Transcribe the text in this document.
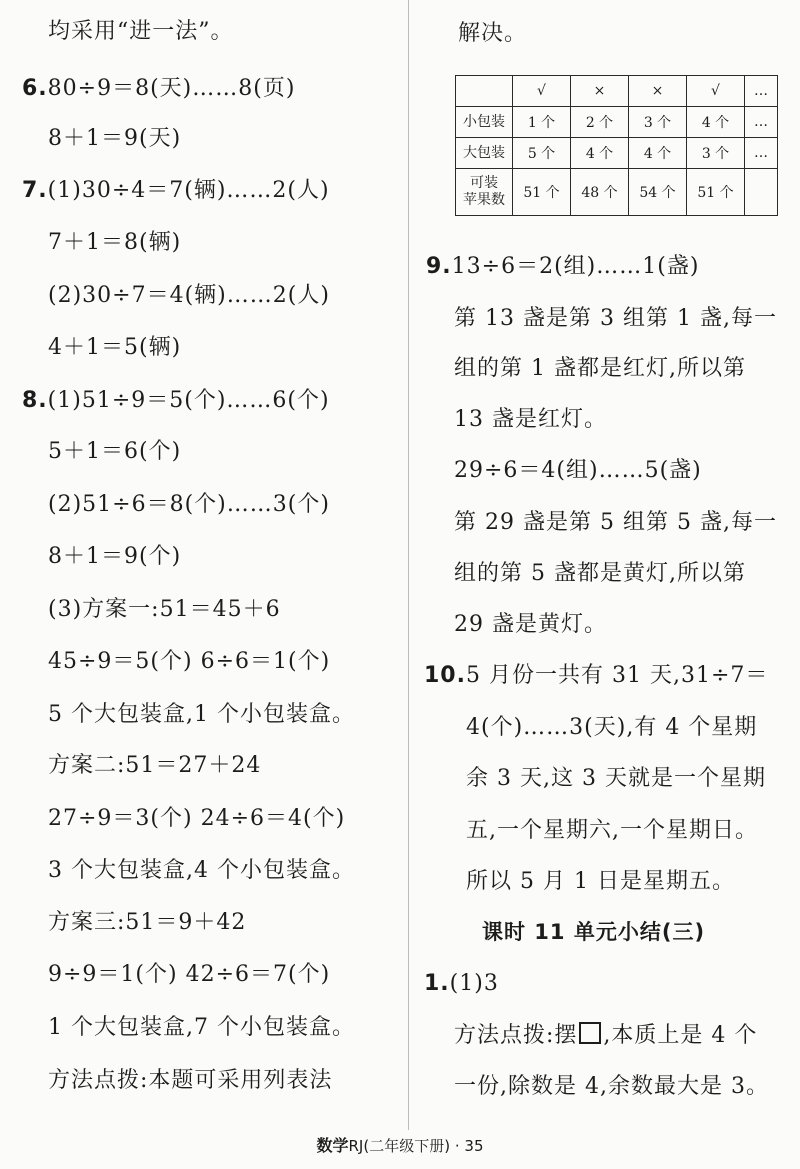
均采用“进一法”。
6.80÷9＝8(天)……8(页)
8＋1＝9(天)
7.(1)30÷4＝7(辆)……2(人)
7＋1＝8(辆)
(2)30÷7＝4(辆)……2(人)
4＋1＝5(辆)
8.(1)51÷9＝5(个)……6(个)
5＋1＝6(个)
(2)51÷6＝8(个)……3(个)
8＋1＝9(个)
(3)方案一:51＝45＋6
45÷9＝5(个) 6÷6＝1(个)
5 个大包装盒,1 个小包装盒。
方案二:51＝27＋24
27÷9＝3(个) 24÷6＝4(个)
3 个大包装盒,4 个小包装盒。
方案三:51＝9＋42
9÷9＝1(个) 42÷6＝7(个)
1 个大包装盒,7 个小包装盒。
方法点拨:本题可采用列表法
解决。
9.13÷6＝2(组)……1(盏)
第 13 盏是第 3 组第 1 盏,每一
组的第 1 盏都是红灯,所以第
13 盏是红灯。
29÷6＝4(组)……5(盏)
第 29 盏是第 5 组第 5 盏,每一
组的第 5 盏都是黄灯,所以第
29 盏是黄灯。
10.5 月份一共有 31 天,31÷7＝
4(个)……3(天),有 4 个星期
余 3 天,这 3 天就是一个星期
五,一个星期六,一个星期日。
所以 5 月 1 日是星期五。
课时 11 单元小结(三)
1.(1)3
方法点拨:摆 ,本质上是 4 个
一份,除数是 4,余数最大是 3。
	√	×	×	√	…
小包装	1 个	2 个	3 个	4 个	…
大包装	5 个	4 个	4 个	3 个	…
可装
苹果数	51 个	48 个	54 个	51 个	
数学RJ(二年级下册) · 35
